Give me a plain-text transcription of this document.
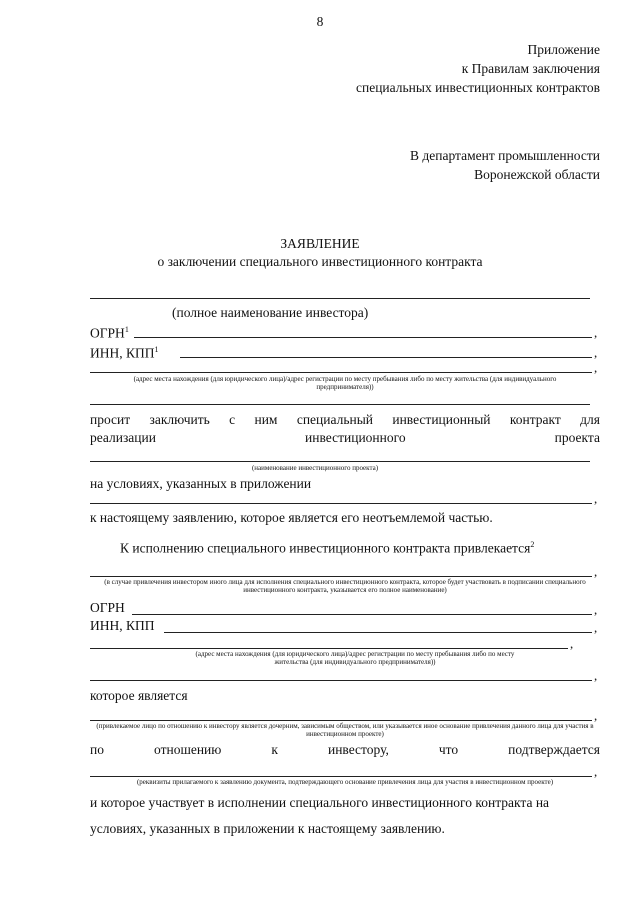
8
Приложение
к Правилам заключения
специальных инвестиционных контрактов
В департамент промышленности
Воронежской области
ЗАЯВЛЕНИЕ
о заключении специального инвестиционного контракта
(полное наименование инвестора)
ОГРН$^1$	,
ИНН, КПП$^1$	,
,
(адрес места нахождения (для юридического лица)/адрес регистрации по месту пребывания либо по месту жительства (для индивидуального предпринимателя))
просит заключить с ним специальный инвестиционный контракт для
реализации	инвестиционного	проекта
(наименование инвестиционного проекта)
на условиях, указанных в приложении
,
к настоящему заявлению, которое является его неотъемлемой частью.
К исполнению специального инвестиционного контракта привлекается$^2$
,
(в случае привлечения инвестором иного лица для исполнения специального инвестиционного контракта, которое будет участвовать в подписании специального инвестиционного контракта, указывается его полное наименование)
ОГРН	,
ИНН, КПП	,
,
(адрес места нахождения (для юридического лица)/адрес регистрации по месту пребывания либо по месту жительства (для индивидуального предпринимателя))
,
которое является
,
(привлекаемое лицо по отношению к инвестору является дочерним, зависимым обществом, или указывается иное основание привлечения данного лица для участия в инвестиционном проекте)
по	отношению	к	инвестору,	что	подтверждается
,
(реквизиты прилагаемого к заявлению документа, подтверждающего основание привлечения лица для участия в инвестиционном проекте)
и которое участвует в исполнении специального инвестиционного контракта на
условиях, указанных в приложении к настоящему заявлению.
